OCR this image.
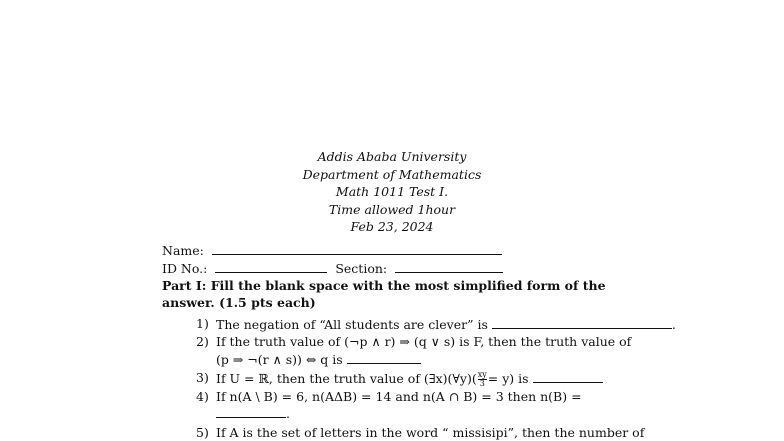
Addis Ababa University
Department of Mathematics
Math 1011 Test I.
Time allowed 1hour
Feb 23, 2024
Name:
ID No.:	Section:
Part I: Fill the blank space with the most simplified form of the
answer. (1.5 pts each)
1) The negation of “All students are clever” is	.
2) If the truth value of (¬p ∧ r) ⇒ (q ∨ s) is F, then the truth value of
(p ⇒ ¬(r ∧ s)) ⇔ q is
3) If U = ℝ, then the truth value of (∃x)(∀y)( $\frac{xy}{3} = y$) is
4) If n(A \ B) = 6, n(AΔB) = 14 and n(A ∩ B) = 3 then n(B) =
.
5) If A is the set of letters in the word “ missisipi”, then the number of
